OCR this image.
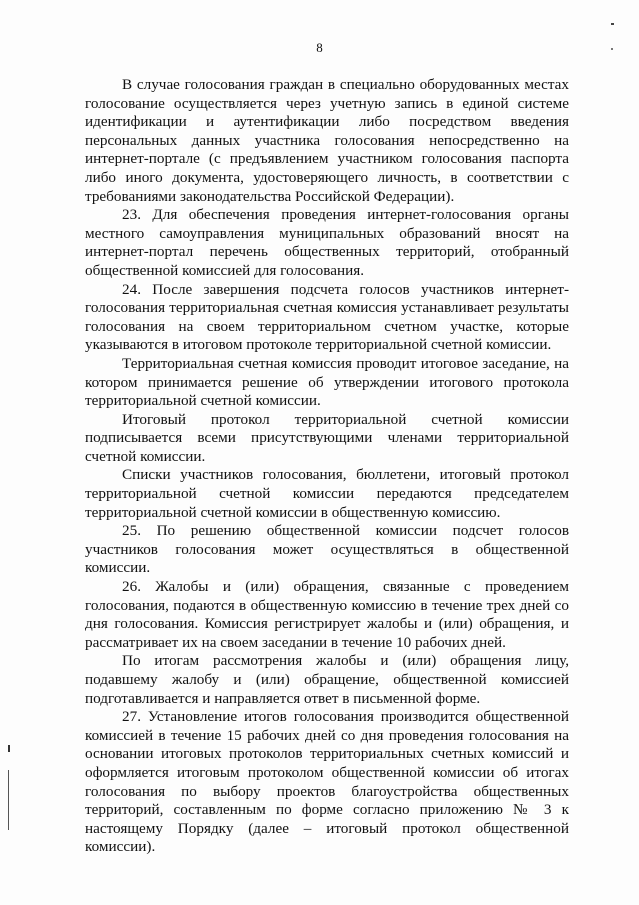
8

В случае голосования граждан в специально оборудованных местах голосование осуществляется через учетную запись в единой системе идентификации и аутентификации либо посредством введения персональных данных участника голосования непосредственно на интернет-портале (с предъявлением участником голосования паспорта либо иного документа, удостоверяющего личность, в соответствии с требованиями законодательства Российской Федерации).

23. Для обеспечения проведения интернет-голосования органы местного самоуправления муниципальных образований вносят на интернет-портал перечень общественных территорий, отобранный общественной комиссией для голосования.

24. После завершения подсчета голосов участников интернет-голосования территориальная счетная комиссия устанавливает результаты голосования на своем территориальном счетном участке, которые указываются в итоговом протоколе территориальной счетной комиссии.

Территориальная счетная комиссия проводит итоговое заседание, на котором принимается решение об утверждении итогового протокола территориальной счетной комиссии.

Итоговый протокол территориальной счетной комиссии подписывается всеми присутствующими членами территориальной счетной комиссии.

Списки участников голосования, бюллетени, итоговый протокол территориальной счетной комиссии передаются председателем территориальной счетной комиссии в общественную комиссию.

25. По решению общественной комиссии подсчет голосов участников голосования может осуществляться в общественной комиссии.

26. Жалобы и (или) обращения, связанные с проведением голосования, подаются в общественную комиссию в течение трех дней со дня голосования. Комиссия регистрирует жалобы и (или) обращения, и рассматривает их на своем заседании в течение 10 рабочих дней.

По итогам рассмотрения жалобы и (или) обращения лицу, подавшему жалобу и (или) обращение, общественной комиссией подготавливается и направляется ответ в письменной форме.

27. Установление итогов голосования производится общественной комиссией в течение 15 рабочих дней со дня проведения голосования на основании итоговых протоколов территориальных счетных комиссий и оформляется итоговым протоколом общественной комиссии об итогах голосования по выбору проектов благоустройства общественных территорий, составленным по форме согласно приложению № 3 к настоящему Порядку (далее – итоговый протокол общественной комиссии).
